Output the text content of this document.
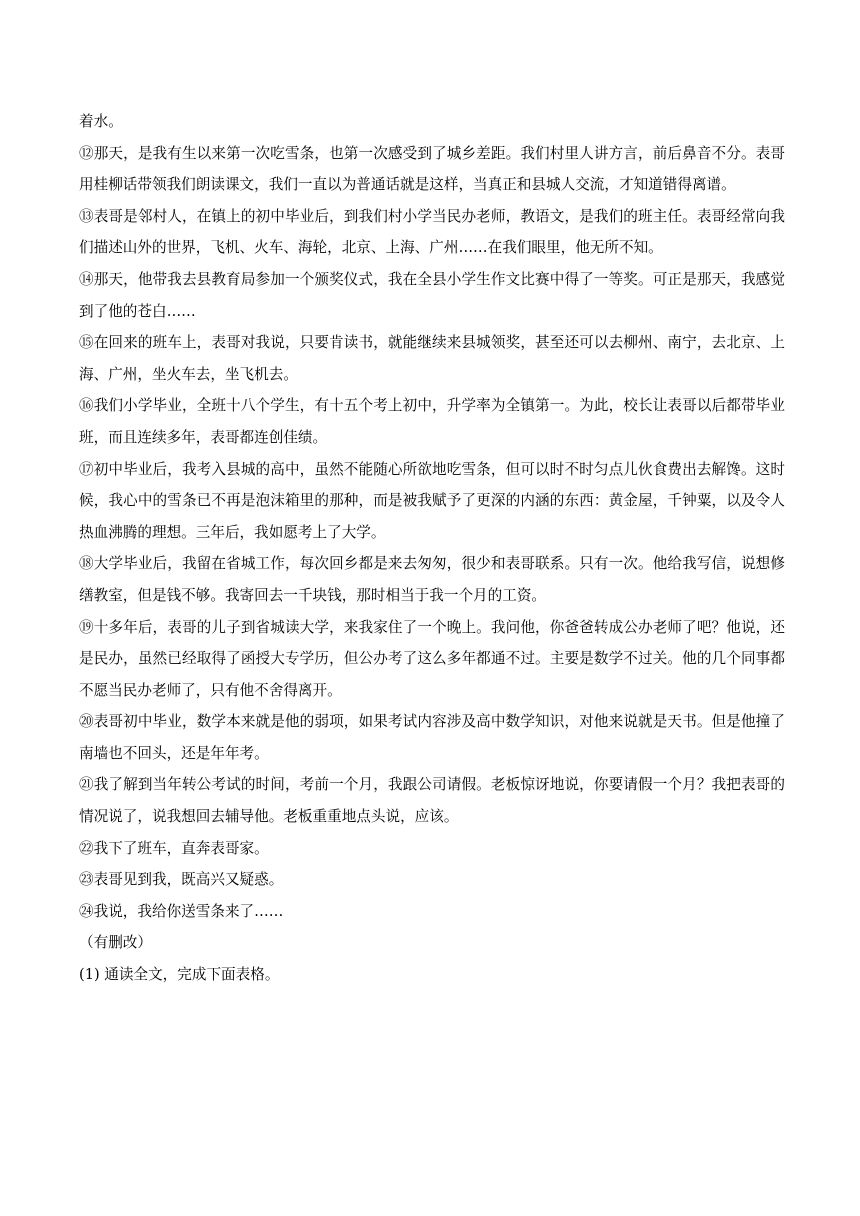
着水。

⑫那天，是我有生以来第一次吃雪条，也第一次感受到了城乡差距。我们村里人讲方言，前后鼻音不分。表哥用桂柳话带领我们朗读课文，我们一直以为普通话就是这样，当真正和县城人交流，才知道错得离谱。

⑬表哥是邻村人，在镇上的初中毕业后，到我们村小学当民办老师，教语文，是我们的班主任。表哥经常向我们描述山外的世界，飞机、火车、海轮，北京、上海、广州……在我们眼里，他无所不知。

⑭那天，他带我去县教育局参加一个颁奖仪式，我在全县小学生作文比赛中得了一等奖。可正是那天，我感觉到了他的苍白……

⑮在回来的班车上，表哥对我说，只要肯读书，就能继续来县城领奖，甚至还可以去柳州、南宁，去北京、上海、广州，坐火车去，坐飞机去。

⑯我们小学毕业，全班十八个学生，有十五个考上初中，升学率为全镇第一。为此，校长让表哥以后都带毕业班，而且连续多年，表哥都连创佳绩。

⑰初中毕业后，我考入县城的高中，虽然不能随心所欲地吃雪条，但可以时不时匀点儿伙食费出去解馋。这时候，我心中的雪条已不再是泡沫箱里的那种，而是被我赋予了更深的内涵的东西：黄金屋，千钟粟，以及令人热血沸腾的理想。三年后，我如愿考上了大学。

⑱大学毕业后，我留在省城工作，每次回乡都是来去匆匆，很少和表哥联系。只有一次。他给我写信，说想修缮教室，但是钱不够。我寄回去一千块钱，那时相当于我一个月的工资。

⑲十多年后，表哥的儿子到省城读大学，来我家住了一个晚上。我问他，你爸爸转成公办老师了吧？他说，还是民办，虽然已经取得了函授大专学历，但公办考了这么多年都通不过。主要是数学不过关。他的几个同事都不愿当民办老师了，只有他不舍得离开。

⑳表哥初中毕业，数学本来就是他的弱项，如果考试内容涉及高中数学知识，对他来说就是天书。但是他撞了南墙也不回头，还是年年考。

㉑我了解到当年转公考试的时间，考前一个月，我跟公司请假。老板惊讶地说，你要请假一个月？我把表哥的情况说了，说我想回去辅导他。老板重重地点头说，应该。

㉒我下了班车，直奔表哥家。

㉓表哥见到我，既高兴又疑惑。

㉔我说，我给你送雪条来了……

（有删改）

(1) 通读全文，完成下面表格。
